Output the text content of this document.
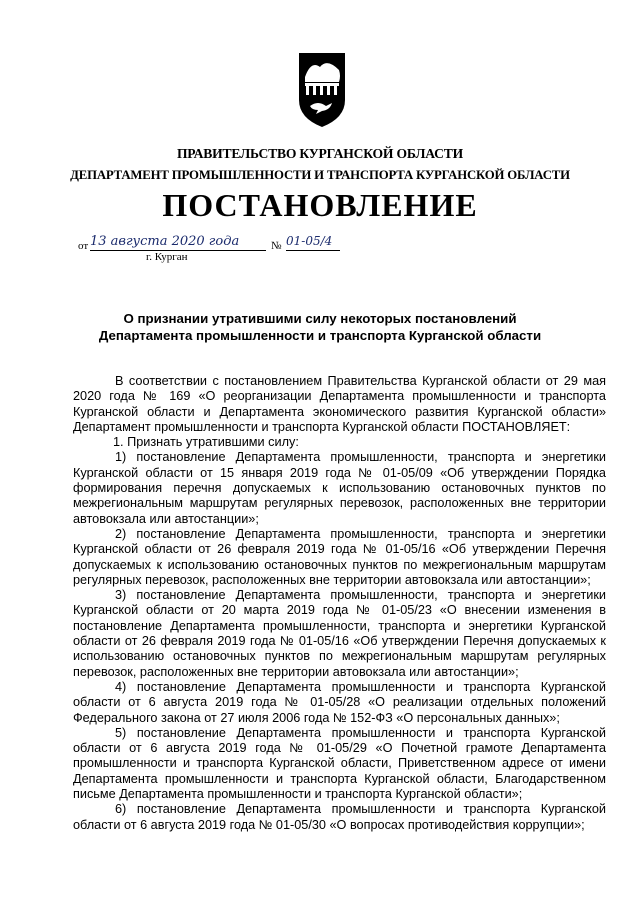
ПРАВИТЕЛЬСТВО КУРГАНСКОЙ ОБЛАСТИ
ДЕПАРТАМЕНТ ПРОМЫШЛЕННОСТИ И ТРАНСПОРТА КУРГАНСКОЙ ОБЛАСТИ
ПОСТАНОВЛЕНИЕ
от 13 августа 2020 года	№ 01-05/4
г. Курган
О признании утратившими силу некоторых постановлений Департамента промышленности и транспорта Курганской области

В соответствии с постановлением Правительства Курганской области от 29 мая 2020 года № 169 «О реорганизации Департамента промышленности и транспорта Курганской области и Департамента экономического развития Курганской области» Департамент промышленности и транспорта Курганской области ПОСТАНОВЛЯЕТ:

1. Признать утратившими силу:

1) постановление Департамента промышленности, транспорта и энергетики Курганской области от 15 января 2019 года № 01-05/09 «Об утверждении Порядка формирования перечня допускаемых к использованию остановочных пунктов по межрегиональным маршрутам регулярных перевозок, расположенных вне территории автовокзала или автостанции»;

2) постановление Департамента промышленности, транспорта и энергетики Курганской области от 26 февраля 2019 года № 01-05/16 «Об утверждении Перечня допускаемых к использованию остановочных пунктов по межрегиональным маршрутам регулярных перевозок, расположенных вне территории автовокзала или автостанции»;

3) постановление Департамента промышленности, транспорта и энергетики Курганской области от 20 марта 2019 года № 01-05/23 «О внесении изменения в постановление Департамента промышленности, транспорта и энергетики Курганской области от 26 февраля 2019 года № 01-05/16 «Об утверждении Перечня допускаемых к использованию остановочных пунктов по межрегиональным маршрутам регулярных перевозок, расположенных вне территории автовокзала или автостанции»;

4) постановление Департамента промышленности и транспорта Курганской области от 6 августа 2019 года № 01-05/28 «О реализации отдельных положений Федерального закона от 27 июля 2006 года № 152-ФЗ «О персональных данных»;

5) постановление Департамента промышленности и транспорта Курганской области от 6 августа 2019 года № 01-05/29 «О Почетной грамоте Департамента промышленности и транспорта Курганской области, Приветственном адресе от имени Департамента промышленности и транспорта Курганской области, Благодарственном письме Департамента промышленности и транспорта Курганской области»;

6) постановление Департамента промышленности и транспорта Курганской области от 6 августа 2019 года № 01-05/30 «О вопросах противодействия коррупции»;
